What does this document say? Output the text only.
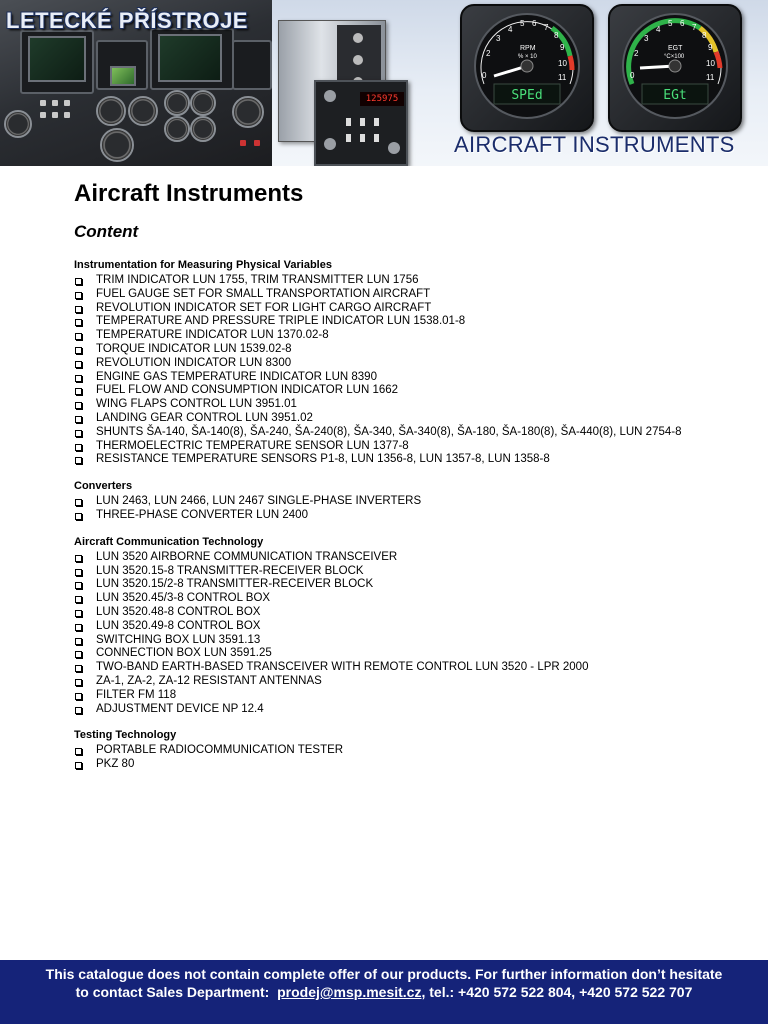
LETECKÉ PŘÍSTROJE
125975
0
2
3
4
5 6 7
8
9
10
11
RPM
% × 10
SPEd
0
2
3
4
5 6 7
8
9
10
11
EGT
°C×100
EGt
AIRCRAFT INSTRUMENTS
Aircraft Instruments
Content
Instrumentation for Measuring Physical Variables
TRIM INDICATOR LUN 1755, TRIM TRANSMITTER LUN 1756
FUEL GAUGE SET FOR SMALL TRANSPORTATION AIRCRAFT
REVOLUTION INDICATOR SET FOR LIGHT CARGO AIRCRAFT
TEMPERATURE AND PRESSURE TRIPLE INDICATOR LUN 1538.01-8
TEMPERATURE INDICATOR LUN 1370.02-8
TORQUE INDICATOR LUN 1539.02-8
REVOLUTION INDICATOR LUN 8300
ENGINE GAS TEMPERATURE INDICATOR LUN 8390
FUEL FLOW AND CONSUMPTION INDICATOR LUN 1662
WING FLAPS CONTROL LUN 3951.01
LANDING GEAR CONTROL LUN 3951.02
SHUNTS ŠA-140, ŠA-140(8), ŠA-240, ŠA-240(8), ŠA-340, ŠA-340(8), ŠA-180, ŠA-180(8), ŠA-440(8), LUN 2754-8
THERMOELECTRIC TEMPERATURE SENSOR LUN 1377-8
RESISTANCE TEMPERATURE SENSORS P1-8, LUN 1356-8, LUN 1357-8, LUN 1358-8
Converters
LUN 2463, LUN 2466, LUN 2467 SINGLE-PHASE INVERTERS
THREE-PHASE CONVERTER LUN 2400
Aircraft Communication Technology
LUN 3520 AIRBORNE COMMUNICATION TRANSCEIVER
LUN 3520.15-8 TRANSMITTER-RECEIVER BLOCK
LUN 3520.15/2-8 TRANSMITTER-RECEIVER BLOCK
LUN 3520.45/3-8 CONTROL BOX
LUN 3520.48-8 CONTROL BOX
LUN 3520.49-8 CONTROL BOX
SWITCHING BOX LUN 3591.13
CONNECTION BOX LUN 3591.25
TWO-BAND EARTH-BASED TRANSCEIVER WITH REMOTE CONTROL LUN 3520 - LPR 2000
ZA-1, ZA-2, ZA-12 RESISTANT ANTENNAS
FILTER FM 118
ADJUSTMENT DEVICE NP 12.4
Testing Technology
PORTABLE RADIOCOMMUNICATION TESTER
PKZ 80
This catalogue does not contain complete offer of our products. For further information don’t hesitate
to contact Sales Department: prodej@msp.mesit.cz, tel.: +420 572 522 804, +420 572 522 707
